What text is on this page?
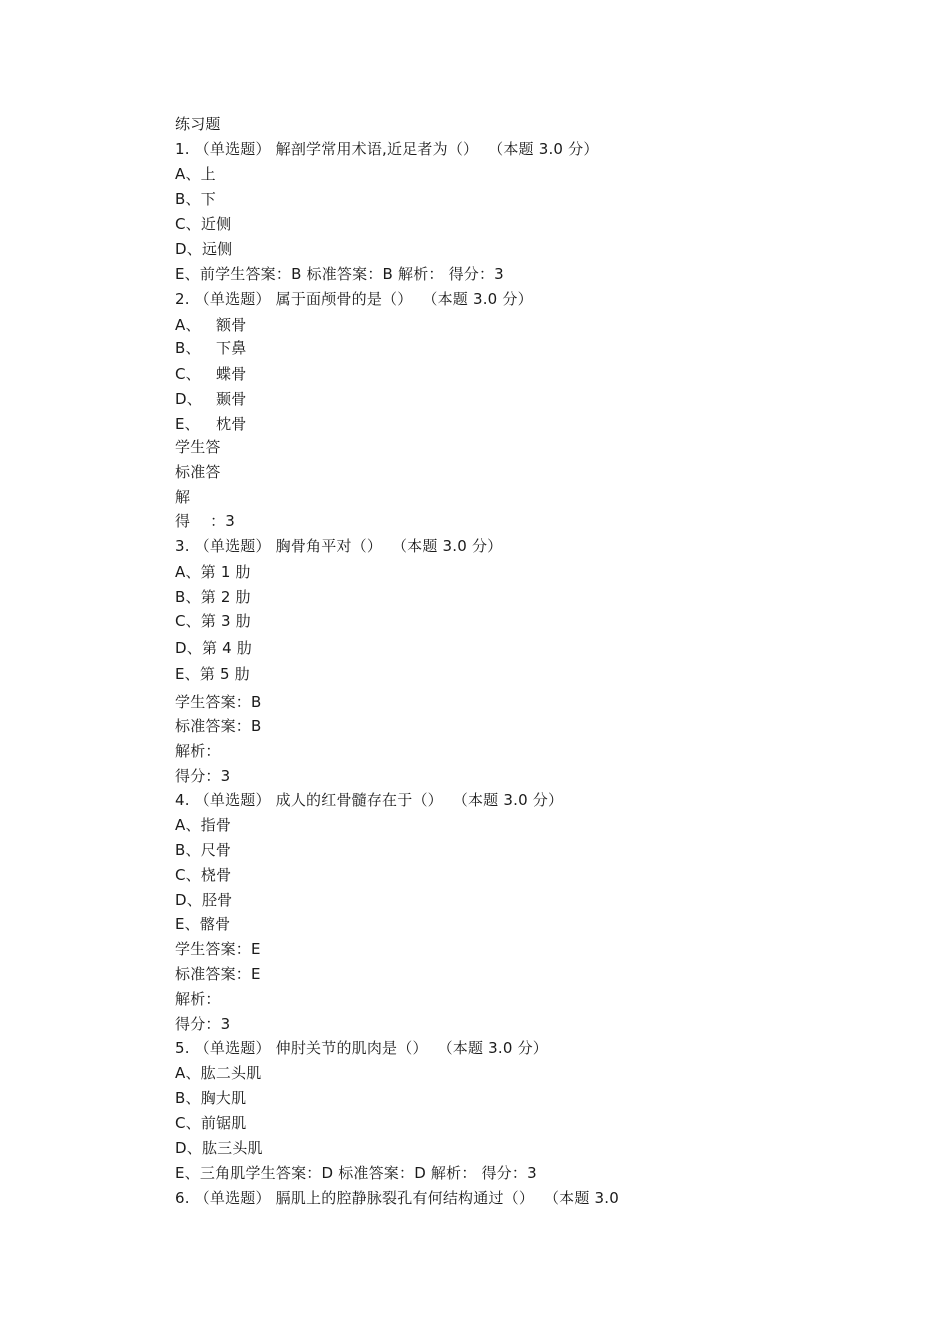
练习题
1. （单选题） 解剖学常用术语,近足者为（）  （本题 3.0 分）
A、上
B、下
C、近侧
D、远侧
E、前学生答案：B 标准答案：B 解析： 得分：3
2. （单选题） 属于面颅骨的是（）  （本题 3.0 分）
A、 额骨
B、 下鼻
C、 蝶骨
D、 颞骨
E、 枕骨
学生答
标准答
解
得    ：3
3. （单选题） 胸骨角平对（）  （本题 3.0 分）
A、第 1 肋
B、第 2 肋
C、第 3 肋
D、第 4 肋
E、第 5 肋
学生答案：B
标准答案：B
解析：
得分：3
4. （单选题） 成人的红骨髓存在于（）  （本题 3.0 分）
A、指骨
B、尺骨
C、桡骨
D、胫骨
E、髂骨
学生答案：E
标准答案：E
解析：
得分：3
5. （单选题） 伸肘关节的肌肉是（）  （本题 3.0 分）
A、肱二头肌
B、胸大肌
C、前锯肌
D、肱三头肌
E、三角肌学生答案：D 标准答案：D 解析： 得分：3
6. （单选题） 膈肌上的腔静脉裂孔有何结构通过（）  （本题 3.0
